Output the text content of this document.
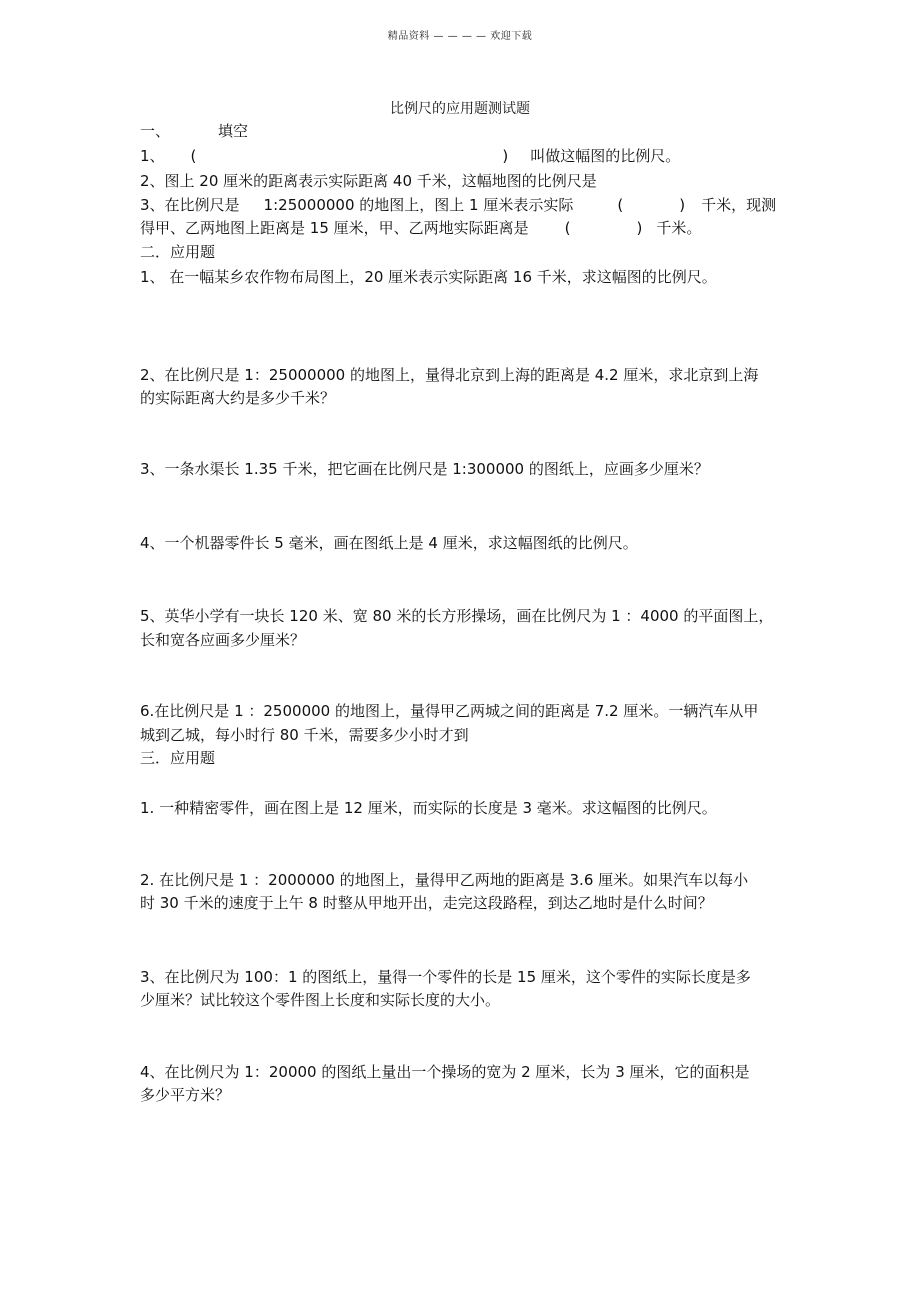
精品资料 — — — — 欢迎下载
比例尺的应用题测试题
一、	填空
1、 (	) 叫做这幅图的比例尺。
2、图上 20 厘米的距离表示实际距离 40 千米，这幅地图的比例尺是
3、在比例尺是 1:25000000 的地图上，图上 1 厘米表示实际	(	) 千米，现测
得甲、乙两地图上距离是 15 厘米，甲、乙两地实际距离是 (	) 千米。
二．应用题
1、 在一幅某乡农作物布局图上，20 厘米表示实际距离 16 千米，求这幅图的比例尺。
2、在比例尺是 1：25000000 的地图上，量得北京到上海的距离是 4.2 厘米，求北京到上海
的实际距离大约是多少千米？
3、一条水渠长 1.35 千米，把它画在比例尺是 1:300000 的图纸上，应画多少厘米？
4、一个机器零件长 5 毫米，画在图纸上是 4 厘米，求这幅图纸的比例尺。
5、英华小学有一块长 120 米、宽 80 米的长方形操场，画在比例尺为 1 ：4000 的平面图上，
长和宽各应画多少厘米？
6.在比例尺是 1 ：2500000 的地图上，量得甲乙两城之间的距离是 7.2 厘米。一辆汽车从甲
城到乙城，每小时行 80 千米，需要多少小时才到
三．应用题
1. 一种精密零件，画在图上是 12 厘米，而实际的长度是 3 毫米。求这幅图的比例尺。
2. 在比例尺是 1 ：2000000 的地图上，量得甲乙两地的距离是 3.6 厘米。如果汽车以每小
时 30 千米的速度于上午 8 时整从甲地开出，走完这段路程，到达乙地时是什么时间？
3、在比例尺为 100：1 的图纸上，量得一个零件的长是 15 厘米，这个零件的实际长度是多
少厘米？试比较这个零件图上长度和实际长度的大小。
4、在比例尺为 1：20000 的图纸上量出一个操场的宽为 2 厘米，长为 3 厘米，它的面积是
多少平方米？
